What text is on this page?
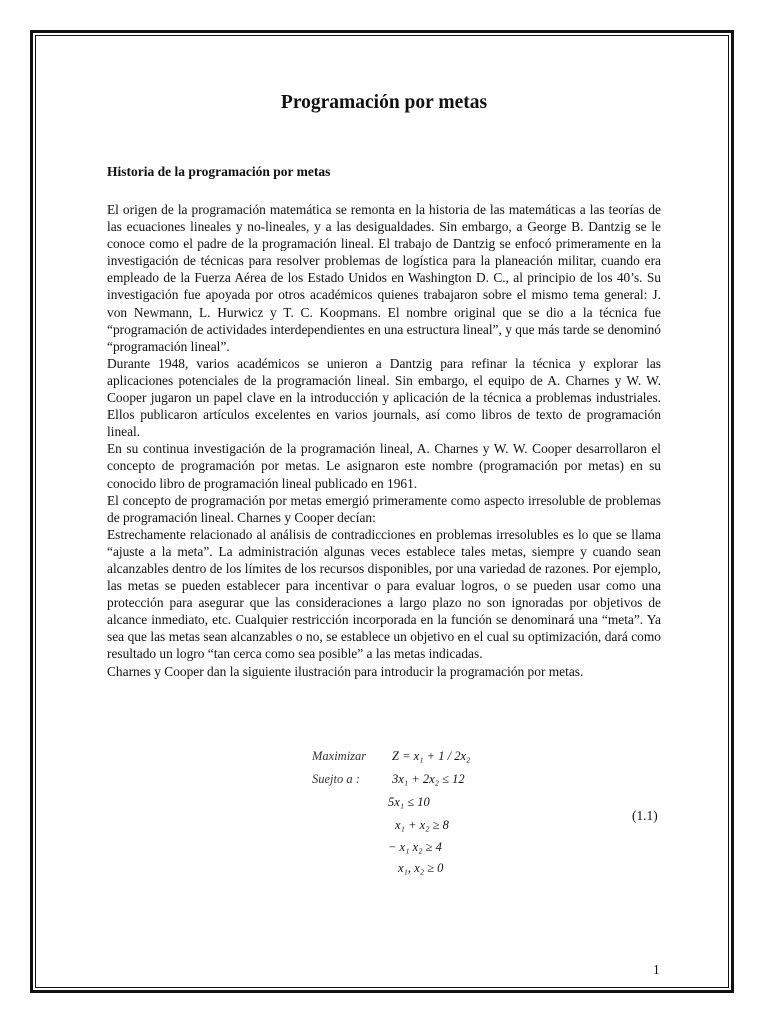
Programación por metas
Historia de la programación por metas

El origen de la programación matemática se remonta en la historia de las matemáticas a las teorías de las ecuaciones lineales y no-lineales, y a las desigualdades. Sin embargo, a George B. Dantzig se le conoce como el padre de la programación lineal. El trabajo de Dantzig se enfocó primeramente en la investigación de técnicas para resolver problemas de logística para la planeación militar, cuando era empleado de la Fuerza Aérea de los Estado Unidos en Washington D. C., al principio de los 40’s. Su investigación fue apoyada por otros académicos quienes trabajaron sobre el mismo tema general: J. von Newmann, L. Hurwicz y T. C. Koopmans. El nombre original que se dio a la técnica fue “programación de actividades interdependientes en una estructura lineal”, y que más tarde se denominó “programación lineal”.

Durante 1948, varios académicos se unieron a Dantzig para refinar la técnica y explorar las aplicaciones potenciales de la programación lineal. Sin embargo, el equipo de A. Charnes y W. W. Cooper jugaron un papel clave en la introducción y aplicación de la técnica a problemas industriales. Ellos publicaron artículos excelentes en varios journals, así como libros de texto de programación lineal.

En su continua investigación de la programación lineal, A. Charnes y W. W. Cooper desarrollaron el concepto de programación por metas. Le asignaron este nombre (programación por metas) en su conocido libro de programación lineal publicado en 1961.

El concepto de programación por metas emergió primeramente como aspecto irresoluble de problemas de programación lineal. Charnes y Cooper decían:

Estrechamente relacionado al análisis de contradicciones en problemas irresolubles es lo que se llama “ajuste a la meta”. La administración algunas veces establece tales metas, siempre y cuando sean alcanzables dentro de los límites de los recursos disponibles, por una variedad de razones. Por ejemplo, las metas se pueden establecer para incentivar o para evaluar logros, o se pueden usar como una protección para asegurar que las consideraciones a largo plazo no son ignoradas por objetivos de alcance inmediato, etc. Cualquier restricción incorporada en la función se denominará una “meta”. Ya sea que las metas sean alcanzables o no, se establece un objetivo en el cual su optimización, dará como resultado un logro “tan cerca como sea posible” a las metas indicadas.

Charnes y Cooper dan la siguiente ilustración para introducir la programación por metas.

Maximizar Z = x₁ + 1 / 2x₂
Suejto a :	3x₁ + 2x₂ ≤ 12
5x₁ ≤ 10
x₁ + x₂ ≥ 8
− x₁ x₂ ≥ 4
x₁, x₂ ≥ 0
(1.1)
1
